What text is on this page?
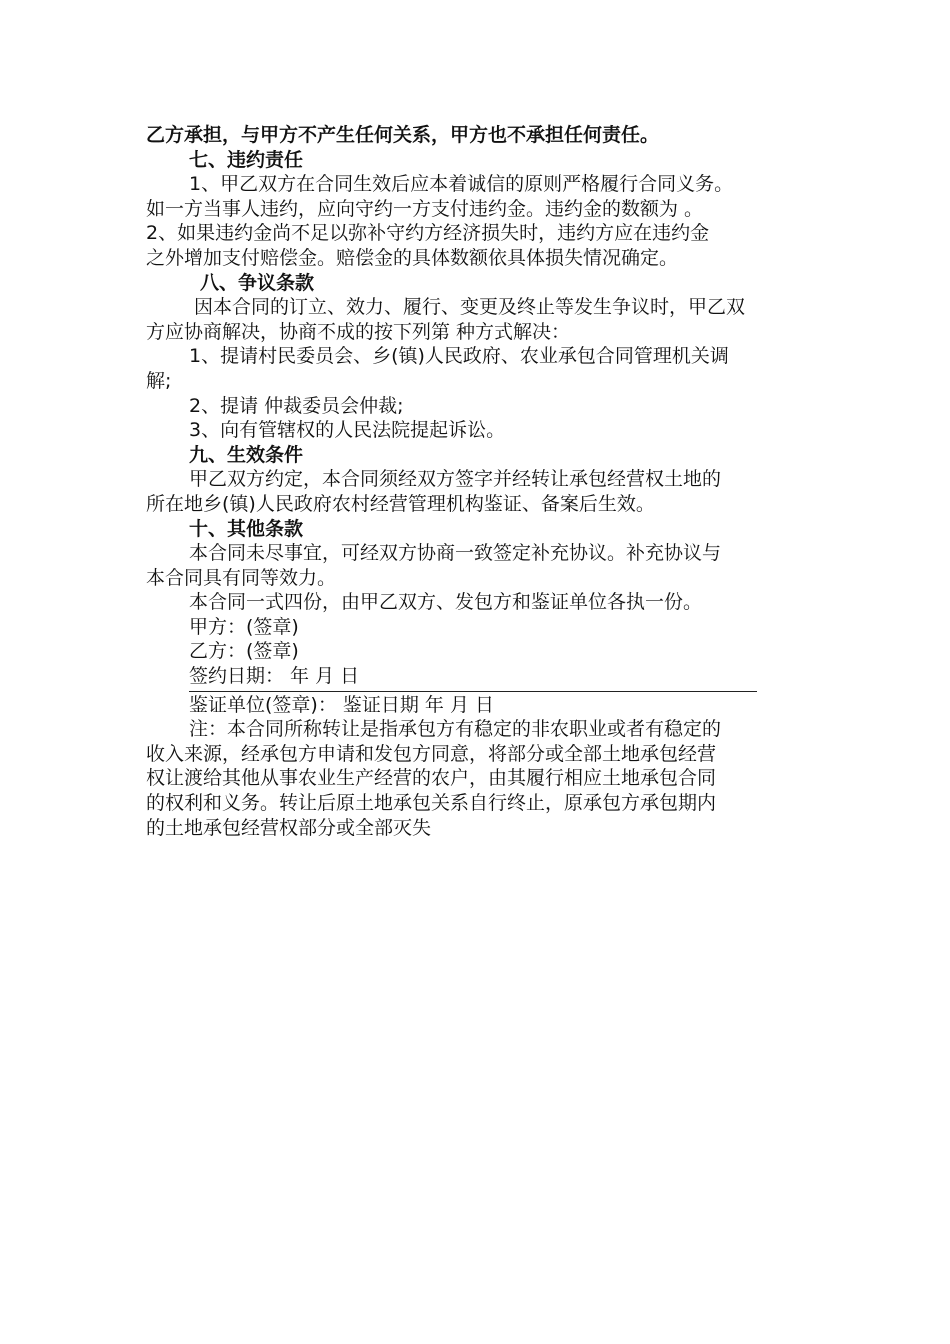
乙方承担，与甲方不产生任何关系，甲方也不承担任何责任。
七、违约责任
1、甲乙双方在合同生效后应本着诚信的原则严格履行合同义务。
如一方当事人违约，应向守约一方支付违约金。违约金的数额为 。
2、如果违约金尚不足以弥补守约方经济损失时，违约方应在违约金
之外增加支付赔偿金。赔偿金的具体数额依具体损失情况确定。
八、争议条款
因本合同的订立、效力、履行、变更及终止等发生争议时，甲乙双
方应协商解决，协商不成的按下列第 种方式解决：
1、提请村民委员会、乡(镇)人民政府、农业承包合同管理机关调
解;
2、提请 仲裁委员会仲裁;
3、向有管辖权的人民法院提起诉讼。
九、生效条件
甲乙双方约定，本合同须经双方签字并经转让承包经营权土地的
所在地乡(镇)人民政府农村经营管理机构鉴证、备案后生效。
十、其他条款
本合同未尽事宜，可经双方协商一致签定补充协议。补充协议与
本合同具有同等效力。
本合同一式四份，由甲乙双方、发包方和鉴证单位各执一份。
甲方：(签章)
乙方：(签章)
签约日期： 年 月 日
鉴证单位(签章)： 鉴证日期 年 月 日
注：本合同所称转让是指承包方有稳定的非农职业或者有稳定的
收入来源，经承包方申请和发包方同意，将部分或全部土地承包经营
权让渡给其他从事农业生产经营的农户，由其履行相应土地承包合同
的权利和义务。转让后原土地承包关系自行终止，原承包方承包期内
的土地承包经营权部分或全部灭失
